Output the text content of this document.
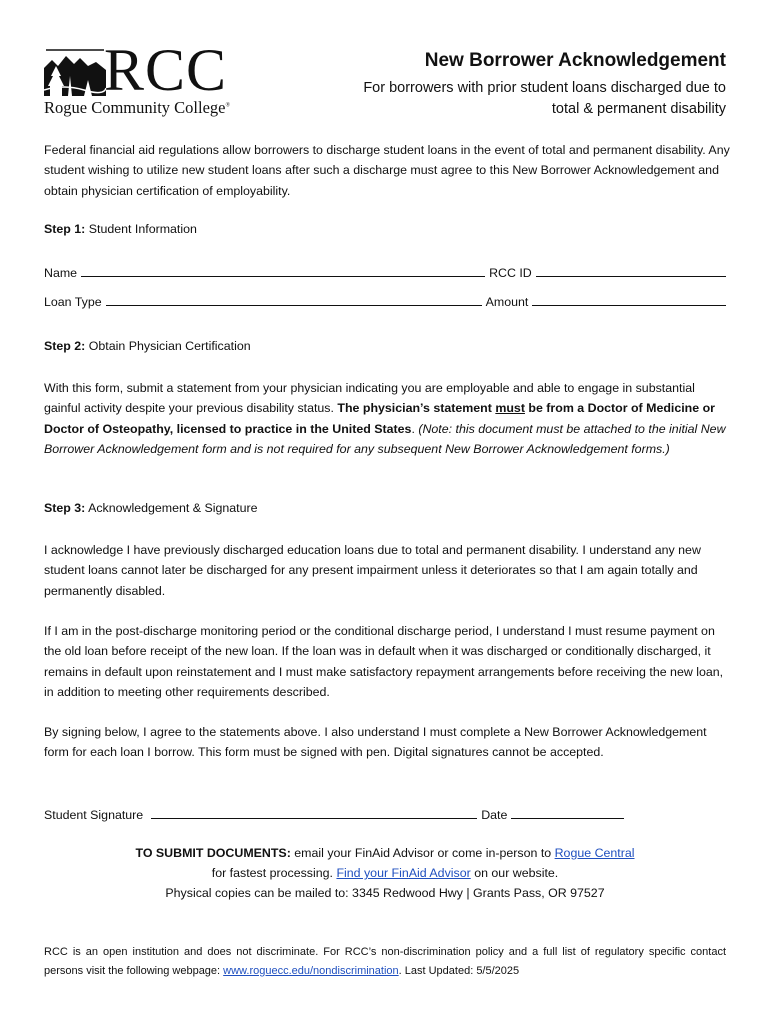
RCC
Rogue Community College®
New Borrower Acknowledgement
For borrowers with prior student loans discharged due to total & permanent disability

Federal financial aid regulations allow borrowers to discharge student loans in the event of total and permanent disability. Any student wishing to utilize new student loans after such a discharge must agree to this New Borrower Acknowledgement and obtain physician certification of employability.

Step 1: Student Information
Name	RCC ID
Loan Type	Amount
Step 2: Obtain Physician Certification

With this form, submit a statement from your physician indicating you are employable and able to engage in substantial gainful activity despite your previous disability status. The physician’s statement must be from a Doctor of Medicine or Doctor of Osteopathy, licensed to practice in the United States. (Note: this document must be attached to the initial New Borrower Acknowledgement form and is not required for any subsequent New Borrower Acknowledgement forms.)

Step 3: Acknowledgement & Signature

I acknowledge I have previously discharged education loans due to total and permanent disability. I understand any new student loans cannot later be discharged for any present impairment unless it deteriorates so that I am again totally and permanently disabled.

If I am in the post-discharge monitoring period or the conditional discharge period, I understand I must resume payment on the old loan before receipt of the new loan. If the loan was in default when it was discharged or conditionally discharged, it remains in default upon reinstatement and I must make satisfactory repayment arrangements before receiving the new loan, in addition to meeting other requirements described.

By signing below, I agree to the statements above. I also understand I must complete a New Borrower Acknowledgement form for each loan I borrow. This form must be signed with pen. Digital signatures cannot be accepted.

Student Signature	Date
TO SUBMIT DOCUMENTS: email your FinAid Advisor or come in-person to Rogue Central
for fastest processing. Find your FinAid Advisor on our website.
Physical copies can be mailed to: 3345 Redwood Hwy | Grants Pass, OR 97527
RCC is an open institution and does not discriminate. For RCC’s non-discrimination policy and a full list of regulatory specific contact persons visit the following webpage: www.roguecc.edu/nondiscrimination. Last Updated: 5/5/2025
